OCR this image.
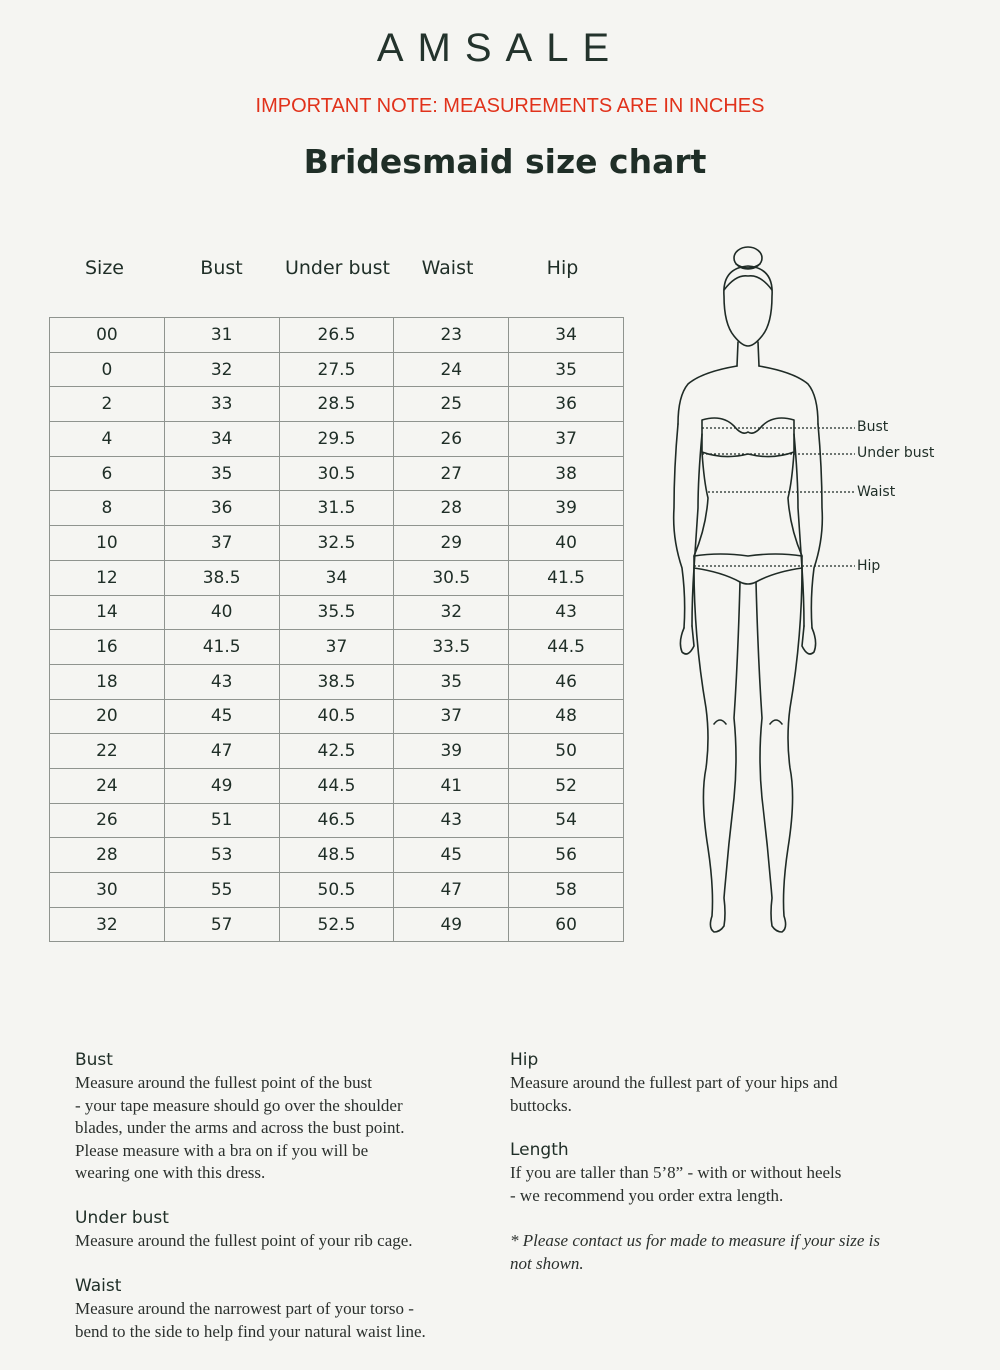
AMSALE
IMPORTANT NOTE: MEASUREMENTS ARE IN INCHES
Bridesmaid size chart
Size	Bust	Under bust	Waist	Hip
00	31	26.5	23	34
0	32	27.5	24	35
2	33	28.5	25	36
4	34	29.5	26	37
6	35	30.5	27	38
8	36	31.5	28	39
10	37	32.5	29	40
12	38.5	34	30.5	41.5
14	40	35.5	32	43
16	41.5	37	33.5	44.5
18	43	38.5	35	46
20	45	40.5	37	48
22	47	42.5	39	50
24	49	44.5	41	52
26	51	46.5	43	54
28	53	48.5	45	56
30	55	50.5	47	58
32	57	52.5	49	60
Bust
Under bust
Waist
Hip
Bust
Measure around the fullest point of the bust
- your tape measure should go over the shoulder
blades, under the arms and across the bust point.
Please measure with a bra on if you will be
wearing one with this dress.
Under bust
Measure around the fullest point of your rib cage.
Waist
Measure around the narrowest part of your torso -
bend to the side to help find your natural waist line.
Hip
Measure around the fullest part of your hips and
buttocks.
Length
If you are taller than 5’8” - with or without heels
- we recommend you order extra length.
* Please contact us for made to measure if your size is
not shown.
